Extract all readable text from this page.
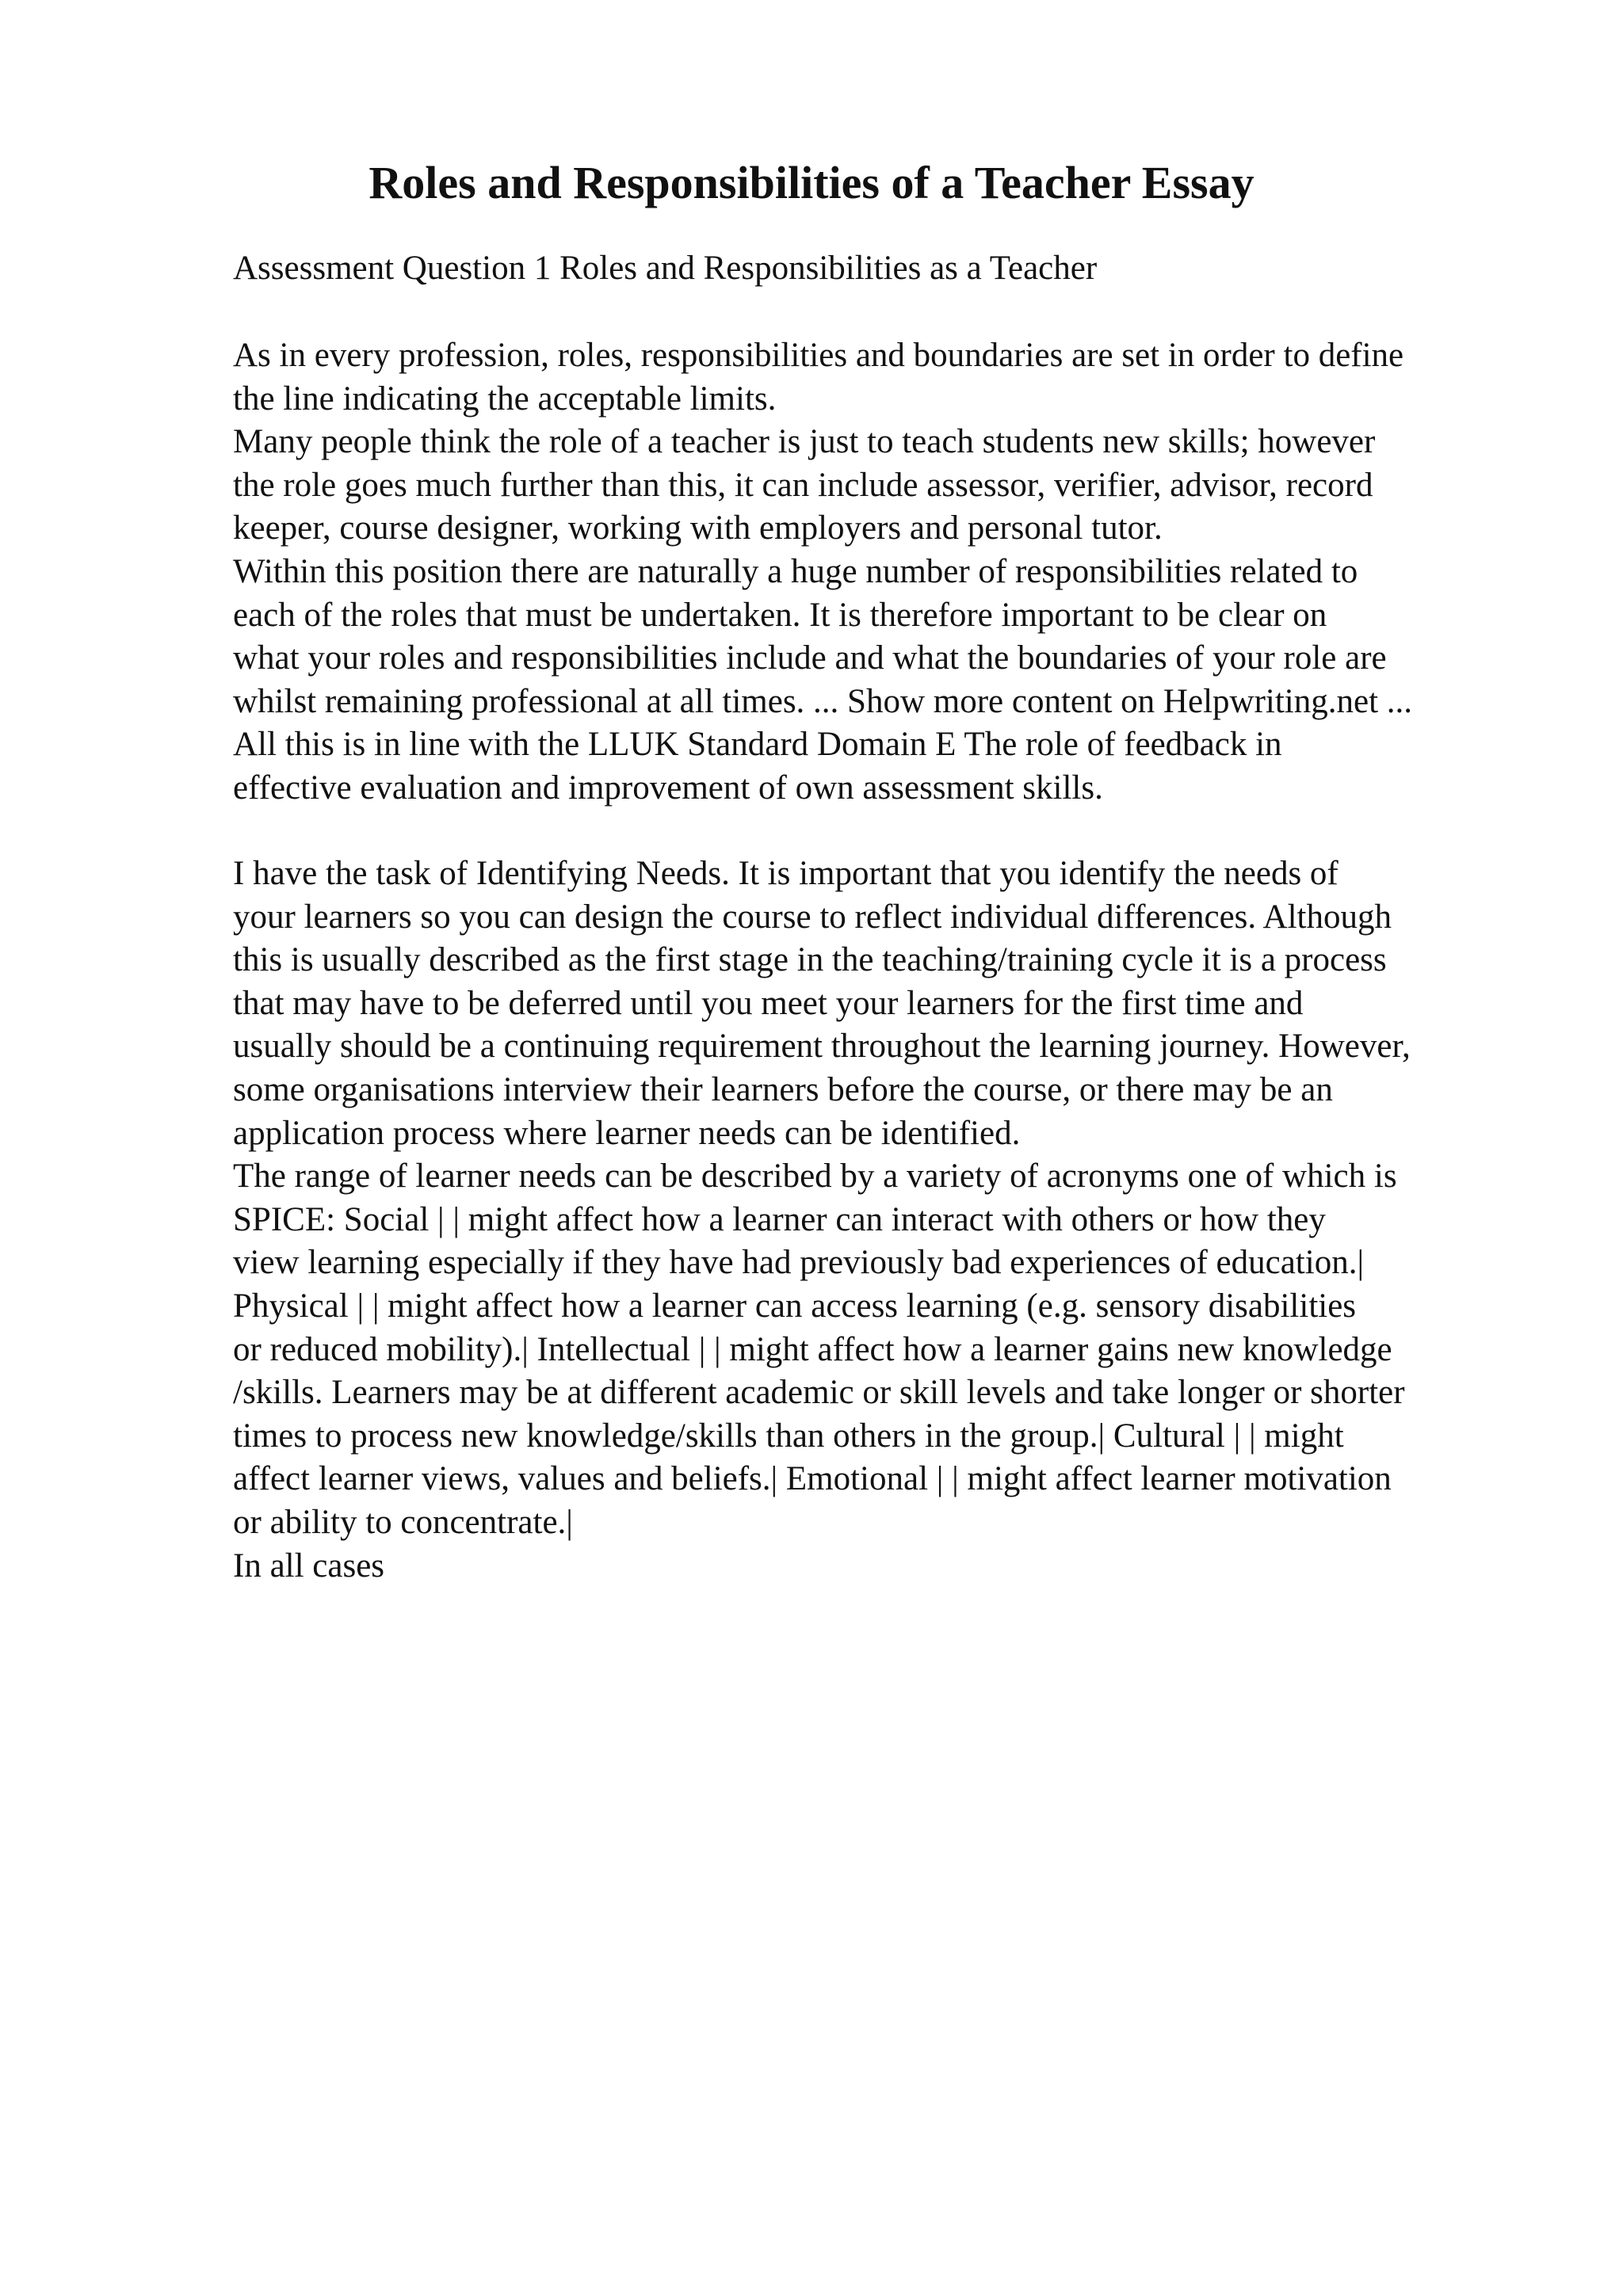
Roles and Responsibilities of a Teacher Essay

Assessment Question 1 Roles and Responsibilities as a Teacher

As in every profession, roles, responsibilities and boundaries are set in order to define
the line indicating the acceptable limits.
Many people think the role of a teacher is just to teach students new skills; however
the role goes much further than this, it can include assessor, verifier, advisor, record
keeper, course designer, working with employers and personal tutor.
Within this position there are naturally a huge number of responsibilities related to
each of the roles that must be undertaken. It is therefore important to be clear on
what your roles and responsibilities include and what the boundaries of your role are
whilst remaining professional at all times. ... Show more content on Helpwriting.net ...
All this is in line with the LLUK Standard Domain E The role of feedback in
effective evaluation and improvement of own assessment skills.

I have the task of Identifying Needs. It is important that you identify the needs of
your learners so you can design the course to reflect individual differences. Although
this is usually described as the first stage in the teaching/training cycle it is a process
that may have to be deferred until you meet your learners for the first time and
usually should be a continuing requirement throughout the learning journey. However,
some organisations interview their learners before the course, or there may be an
application process where learner needs can be identified.
The range of learner needs can be described by a variety of acronyms one of which is
SPICE: Social | | might affect how a learner can interact with others or how they
view learning especially if they have had previously bad experiences of education.|
Physical | | might affect how a learner can access learning (e.g. sensory disabilities
or reduced mobility).| Intellectual | | might affect how a learner gains new knowledge
/skills. Learners may be at different academic or skill levels and take longer or shorter
times to process new knowledge/skills than others in the group.| Cultural | | might
affect learner views, values and beliefs.| Emotional | | might affect learner motivation
or ability to concentrate.|
In all cases
